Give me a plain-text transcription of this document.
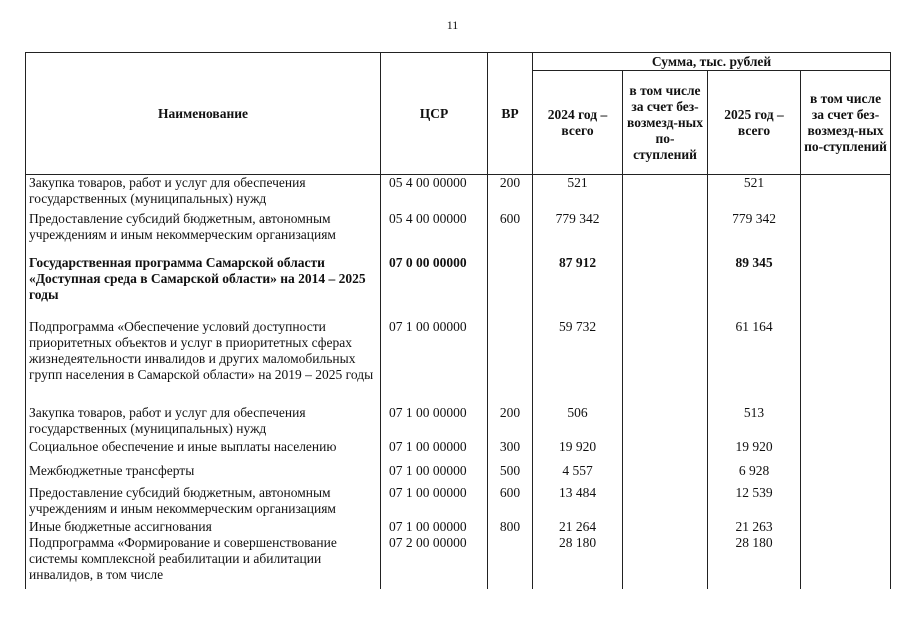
11
Наименование	ЦСР	ВР	Сумма, тыс. рублей			
			2024 год – всего	в том числе за счет без-возмезд-ных по-ступлений	2025 год – всего	в том числе за счет без-возмезд-ных по-ступлений
Закупка товаров, работ и услуг для обеспечения государственных (муниципальных) нужд	05 4 00 00000	200	521		521	
Предоставление субсидий бюджетным, автономным учреждениям и иным некоммерческим организациям	05 4 00 00000	600	779 342		779 342	
Государственная программа Самарской области «Доступная среда в Самарской области» на 2014 – 2025 годы	07 0 00 00000		87 912		89 345	
Подпрограмма «Обеспечение условий доступности приоритетных объектов и услуг в приоритетных сферах жизнедеятельности инвалидов и других маломобильных групп населения в Самарской области» на 2019 – 2025 годы	07 1 00 00000		59 732		61 164	
Закупка товаров, работ и услуг для обеспечения государственных (муниципальных) нужд	07 1 00 00000	200	506		513	
Социальное обеспечение и иные выплаты населению	07 1 00 00000	300	19 920		19 920	
Межбюджетные трансферты	07 1 00 00000	500	4 557		6 928	
Предоставление субсидий бюджетным, автономным учреждениям и иным некоммерческим организациям	07 1 00 00000	600	13 484		12 539	
Иные бюджетные ассигнования	07 1 00 00000	800	21 264		21 263	
Подпрограмма «Формирование и совершенствование системы комплексной реабилитации и абилитации инвалидов, в том числе	07 2 00 00000		28 180		28 180	
